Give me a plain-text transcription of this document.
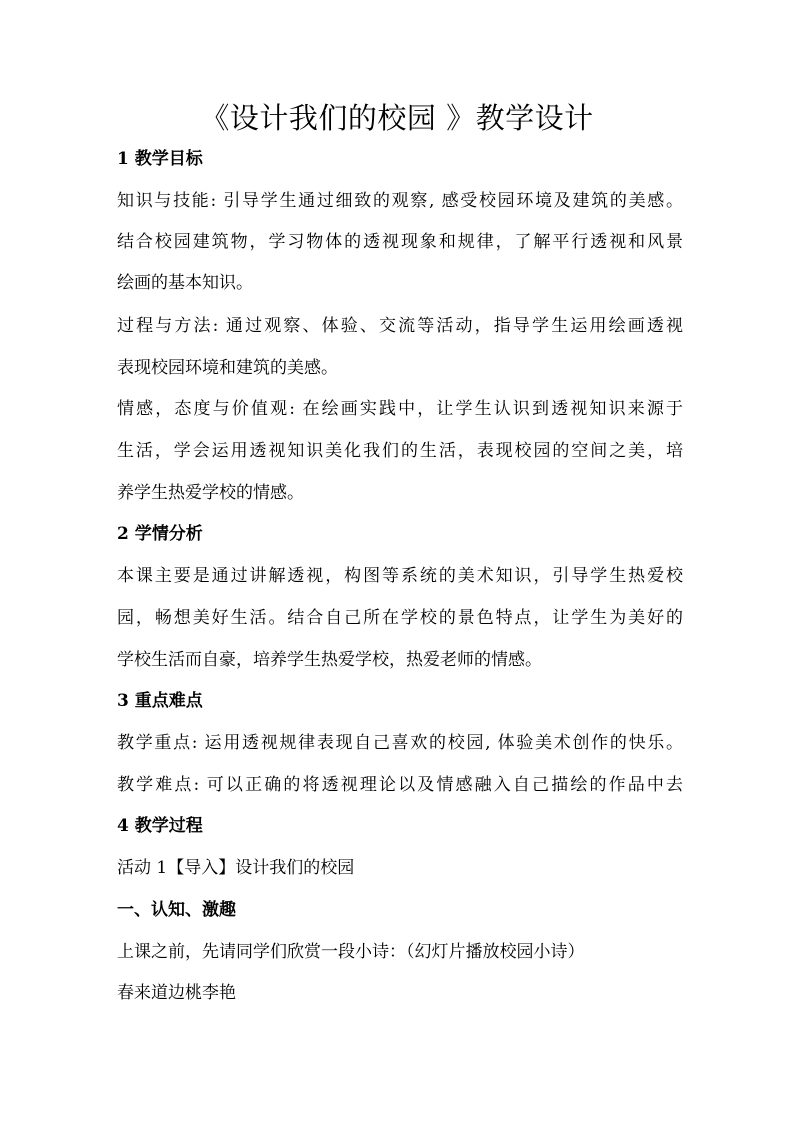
《设计我们的校园 》教学设计

1 教学目标

知识与技能: 引导学生通过细致的观察, 感受校园环境及建筑的美感。

结合校园建筑物，学习物体的透视现象和规律，了解平行透视和风景

绘画的基本知识。

过程与方法: 通过观察、体验、交流等活动，指导学生运用绘画透视

表现校园环境和建筑的美感。

情感，态度与价值观: 在绘画实践中，让学生认识到透视知识来源于

生活，学会运用透视知识美化我们的生活，表现校园的空间之美，培

养学生热爱学校的情感。

2 学情分析

本课主要是通过讲解透视，构图等系统的美术知识，引导学生热爱校

园，畅想美好生活。结合自己所在学校的景色特点，让学生为美好的

学校生活而自豪，培养学生热爱学校，热爱老师的情感。

3 重点难点

教学重点: 运用透视规律表现自己喜欢的校园, 体验美术创作的快乐。

教学难点: 可以正确的将透视理论以及情感融入自己描绘的作品中去

4 教学过程

活动 1【导入】设计我们的校园

一、认知、激趣

上课之前，先请同学们欣赏一段小诗：（幻灯片播放校园小诗）

春来道边桃李艳
